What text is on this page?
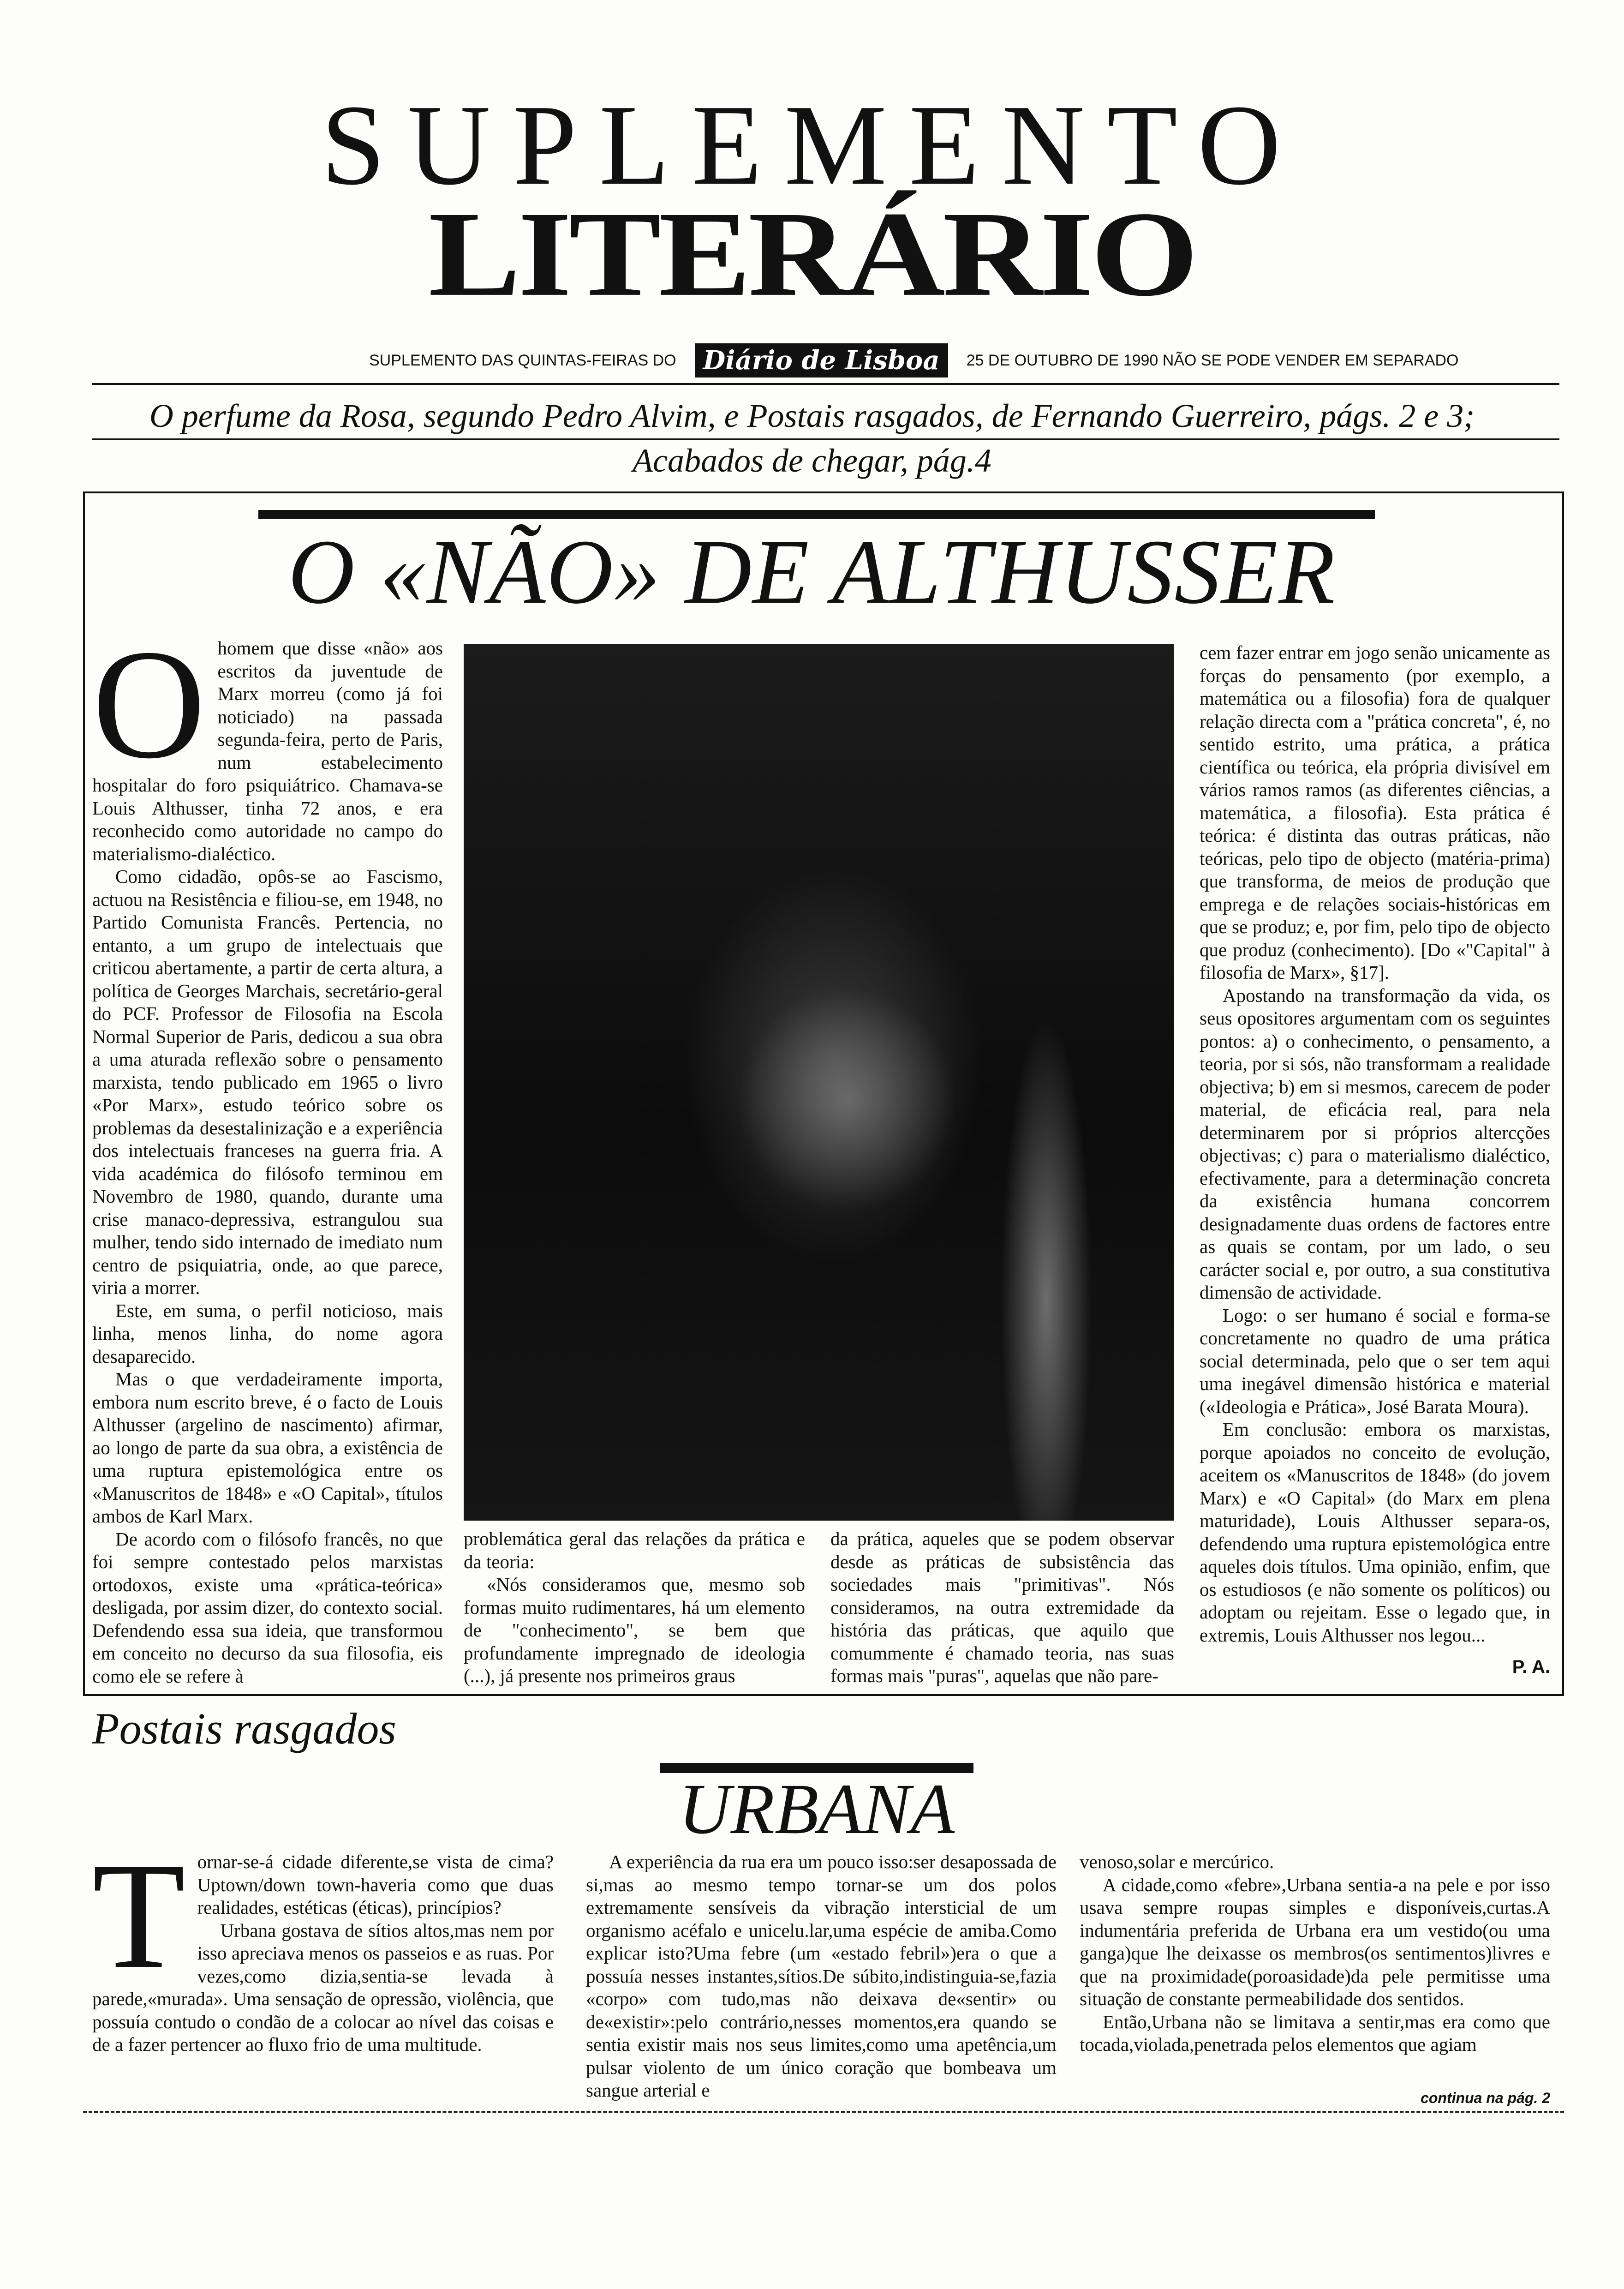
SUPLEMENTO
LITERÁRIO
SUPLEMENTO DAS QUINTAS-FEIRAS DO	Diário de Lisboa	25 DE OUTUBRO DE 1990 NÃO SE PODE VENDER EM SEPARADO
O perfume da Rosa, segundo Pedro Alvim, e Postais rasgados, de Fernando Guerreiro, págs. 2 e 3;
Acabados de chegar, pág.4
O «NÃO» DE ALTHUSSER
O homem que disse «não» aos escritos da juventude de Marx morreu (como já foi noticiado) na passada segunda-feira, perto de Paris, num estabelecimento hospitalar do foro psiquiátrico. Chamava-se Louis Althusser, tinha 72 anos, e era reconhecido como autoridade no campo do materialismo-dialéctico.

Como cidadão, opôs-se ao Fascismo, actuou na Resistência e filiou-se, em 1948, no Partido Comunista Francês. Pertencia, no entanto, a um grupo de intelectuais que criticou abertamente, a partir de certa altura, a política de Georges Marchais, secretário-geral do PCF. Professor de Filosofia na Escola Normal Superior de Paris, dedicou a sua obra a uma aturada reflexão sobre o pensamento marxista, tendo publicado em 1965 o livro «Por Marx», estudo teórico sobre os problemas da desestalinização e a experiência dos intelectuais franceses na guerra fria. A vida académica do filósofo terminou em Novembro de 1980, quando, durante uma crise manaco-depressiva, estrangulou sua mulher, tendo sido internado de imediato num centro de psiquiatria, onde, ao que parece, viria a morrer.

Este, em suma, o perfil noticioso, mais linha, menos linha, do nome agora desaparecido.

Mas o que verdadeiramente importa, embora num escrito breve, é o facto de Louis Althusser (argelino de nascimento) afirmar, ao longo de parte da sua obra, a existência de uma ruptura epistemológica entre os «Manuscritos de 1848» e «O Capital», títulos ambos de Karl Marx.

De acordo com o filósofo francês, no que foi sempre contestado pelos marxistas ortodoxos, existe uma «prática-teórica» desligada, por assim dizer, do contexto social. Defendendo essa sua ideia, que transformou em conceito no decurso da sua filosofia, eis como ele se refere à

problemática geral das relações da prática e da teoria:

«Nós consideramos que, mesmo sob formas muito rudimentares, há um elemento de "conhecimento", se bem que profundamente impregnado de ideologia (...), já presente nos primeiros graus

da prática, aqueles que se podem observar desde as práticas de subsistência das sociedades mais "primitivas". Nós consideramos, na outra extremidade da história das práticas, que aquilo que comummente é chamado teoria, nas suas formas mais "puras", aquelas que não pare-

cem fazer entrar em jogo senão unicamente as forças do pensamento (por exemplo, a matemática ou a filosofia) fora de qualquer relação directa com a "prática concreta", é, no sentido estrito, uma prática, a prática científica ou teórica, ela própria divisível em vários ramos ramos (as diferentes ciências, a matemática, a filosofia). Esta prática é teórica: é distinta das outras práticas, não teóricas, pelo tipo de objecto (matéria-prima) que transforma, de meios de produção que emprega e de relações sociais-históricas em que se produz; e, por fim, pelo tipo de objecto que produz (conhecimento). [Do «"Capital" à filosofia de Marx», §17].

Apostando na transformação da vida, os seus opositores argumentam com os seguintes pontos: a) o conhecimento, o pensamento, a teoria, por si sós, não transformam a realidade objectiva; b) em si mesmos, carecem de poder material, de eficácia real, para nela determinarem por si próprios altercções objectivas; c) para o materialismo dialéctico, efectivamente, para a determinação concreta da existência humana concorrem designadamente duas ordens de factores entre as quais se contam, por um lado, o seu carácter social e, por outro, a sua constitutiva dimensão de actividade.

Logo: o ser humano é social e forma-se concretamente no quadro de uma prática social determinada, pelo que o ser tem aqui uma inegável dimensão histórica e material («Ideologia e Prática», José Barata Moura).

Em conclusão: embora os marxistas, porque apoiados no conceito de evolução, aceitem os «Manuscritos de 1848» (do jovem Marx) e «O Capital» (do Marx em plena maturidade), Louis Althusser separa-os, defendendo uma ruptura epistemológica entre aqueles dois títulos. Uma opinião, enfim, que os estudiosos (e não somente os políticos) ou adoptam ou rejeitam. Esse o legado que, in extremis, Louis Althusser nos legou...

P. A.
Postais rasgados
URBANA
T ornar-se-á cidade diferente,se vista de cima? Uptown/down town-haveria como que duas realidades, estéticas (éticas), princípios?

Urbana gostava de sítios altos,mas nem por isso apreciava menos os passeios e as ruas. Por vezes,como dizia,sentia-se levada à parede,«murada». Uma sensação de opressão, violência, que possuía contudo o condão de a colocar ao nível das coisas e de a fazer pertencer ao fluxo frio de uma multitude.

A experiência da rua era um pouco isso:ser desapossada de si,mas ao mesmo tempo tornar-se um dos polos extremamente sensíveis da vibração intersticial de um organismo acéfalo e unicelu.lar,uma espécie de amiba.Como explicar isto?Uma febre (um «estado febril»)era o que a possuía nesses instantes,sítios.De súbito,indistinguia-se,fazia «corpo» com tudo,mas não deixava de«sentir» ou de«existir»:pelo contrário,nesses momentos,era quando se sentia existir mais nos seus limites,como uma apetência,um pulsar violento de um único coração que bombeava um sangue arterial e

venoso,solar e mercúrico.

A cidade,como «febre»,Urbana sentia-a na pele e por isso usava sempre roupas simples e disponíveis,curtas.A indumentária preferida de Urbana era um vestido(ou uma ganga)que lhe deixasse os membros(os sentimentos)livres e que na proximidade(poroasidade)da pele permitisse uma situação de constante permeabilidade dos sentidos.

Então,Urbana não se limitava a sentir,mas era como que tocada,violada,penetrada pelos elementos que agiam

continua na pág. 2
